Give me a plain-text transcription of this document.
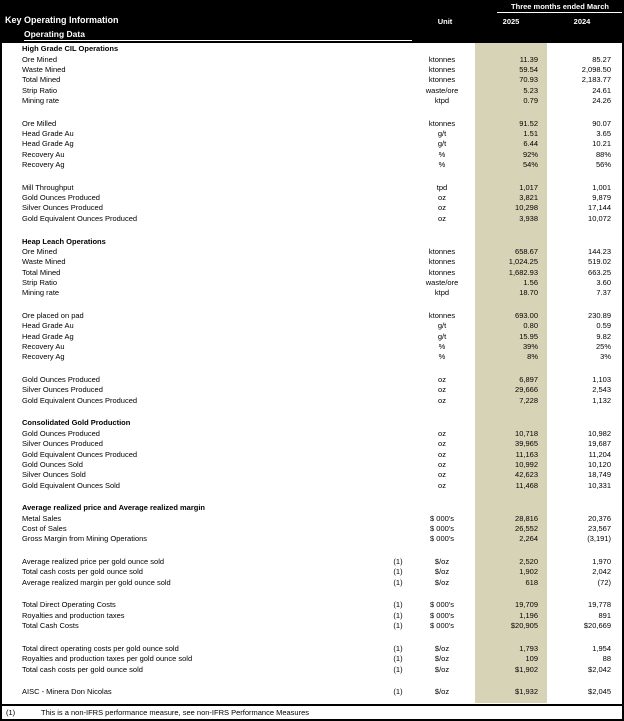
Three months ended March
Key Operating Information	Unit	2025	2024
Operating Data
High Grade CIL Operations
Ore Mined	ktonnes	11.39	85.27
Waste Mined	ktonnes	59.54	2,098.50
Total Mined	ktonnes	70.93	2,183.77
Strip Ratio	waste/ore	5.23	24.61
Mining rate	ktpd	0.79	24.26
Ore Milled	ktonnes	91.52	90.07
Head Grade Au	g/t	1.51	3.65
Head Grade Ag	g/t	6.44	10.21
Recovery Au	%	92%	88%
Recovery Ag	%	54%	56%
Mill Throughput	tpd	1,017	1,001
Gold Ounces Produced	oz	3,821	9,879
Silver Ounces Produced	oz	10,298	17,144
Gold Equivalent Ounces Produced	oz	3,938	10,072
Heap Leach Operations
Ore Mined	ktonnes	658.67	144.23
Waste Mined	ktonnes	1,024.25	519.02
Total Mined	ktonnes	1,682.93	663.25
Strip Ratio	waste/ore	1.56	3.60
Mining rate	ktpd	18.70	7.37
Ore placed on pad	ktonnes	693.00	230.89
Head Grade Au	g/t	0.80	0.59
Head Grade Ag	g/t	15.95	9.82
Recovery Au	%	39%	25%
Recovery Ag	%	8%	3%
Gold Ounces Produced	oz	6,897	1,103
Silver Ounces Produced	oz	29,666	2,543
Gold Equivalent Ounces Produced	oz	7,228	1,132
Consolidated Gold Production
Gold Ounces Produced	oz	10,718	10,982
Silver Ounces Produced	oz	39,965	19,687
Gold Equivalent Ounces Produced	oz	11,163	11,204
Gold Ounces Sold	oz	10,992	10,120
Silver Ounces Sold	oz	42,623	18,749
Gold Equivalent Ounces Sold	oz	11,468	10,331
Average realized price and Average realized margin
Metal Sales	$ 000's	28,816	20,376
Cost of Sales	$ 000's	26,552	23,567
Gross Margin from Mining Operations	$ 000's	2,264	(3,191)
Average realized price per gold ounce sold	(1)	$/oz	2,520	1,970
Total cash costs per gold ounce sold	(1)	$/oz	1,902	2,042
Average realized margin per gold ounce sold	(1)	$/oz	618	(72)
Total Direct Operating Costs	(1)	$ 000's	19,709	19,778
Royalties and production taxes	(1)	$ 000's	1,196	891
Total Cash Costs	(1)	$ 000's	$20,905	$20,669
Total direct operating costs per gold ounce sold	(1)	$/oz	1,793	1,954
Royalties and production taxes per gold ounce sold	(1)	$/oz	109	88
Total cash costs per gold ounce sold	(1)	$/oz	$1,902	$2,042
AISC - Minera Don Nicolas	(1)	$/oz	$1,932	$2,045
(1)	This is a non-IFRS performance measure, see non-IFRS Performance Measures
